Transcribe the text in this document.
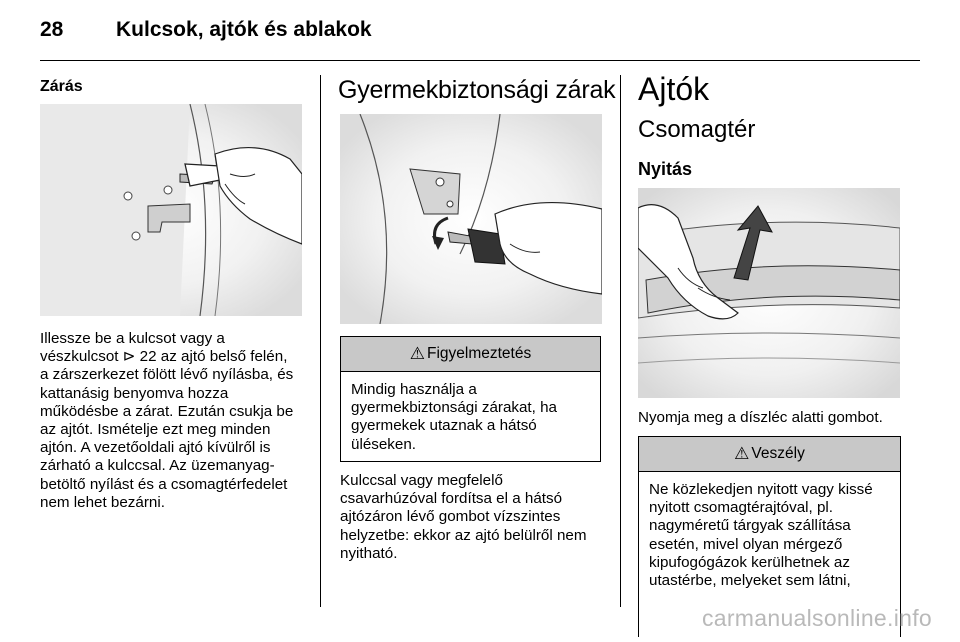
28	Kulcsok, ajtók és ablakok
Zárás
Illessze be a kulcsot vagy a
vészkulcsot ⊳ 22 az ajtó belső felén,
a zárszerkezet fölött lévő nyílásba, és
kattanásig benyomva hozza
működésbe a zárat. Ezután csukja be
az ajtót. Ismételje ezt meg minden
ajtón. A vezetőoldali ajtó kívülről is
zárható a kulccsal. Az üzemanyag-
betöltő nyílást és a csomagtérfedelet
nem lehet bezárni.
Gyermekbiztonsági zárak
⚠ Figyelmeztetés
Mindig használja a
gyermekbiztonsági zárakat, ha
gyermekek utaznak a hátsó
üléseken.
Kulccsal vagy megfelelő
csavarhúzóval fordítsa el a hátsó
ajtózáron lévő gombot vízszintes
helyzetbe: ekkor az ajtó belülről nem
nyitható.
Ajtók
Csomagtér
Nyitás
Nyomja meg a díszléc alatti gombot.
⚠ Veszély
Ne közlekedjen nyitott vagy kissé
nyitott csomagtérajtóval, pl.
nagyméretű tárgyak szállítása
esetén, mivel olyan mérgező
kipufogógázok kerülhetnek az
utastérbe, melyeket sem látni,
carmanualsonline.info
